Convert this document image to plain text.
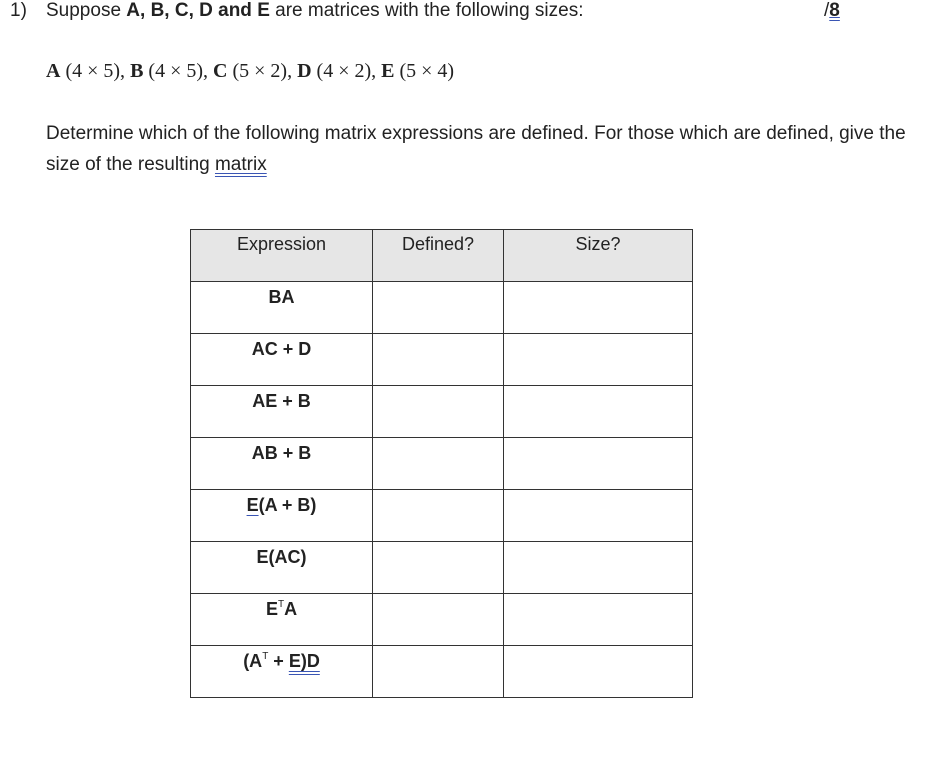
1) Suppose A, B, C, D and E are matrices with the following sizes:	/8
A (4 × 5), B (4 × 5), C (5 × 2), D (4 × 2), E (5 × 4)
Determine which of the following matrix expressions are defined. For those which are defined, give the size of the resulting matrix
Expression	Defined?	Size?
BA		
AC + D		
AE + B		
AB + B		
E(A + B)		
E(AC)		
$E^TA$		
$(A^T + E)D$		
